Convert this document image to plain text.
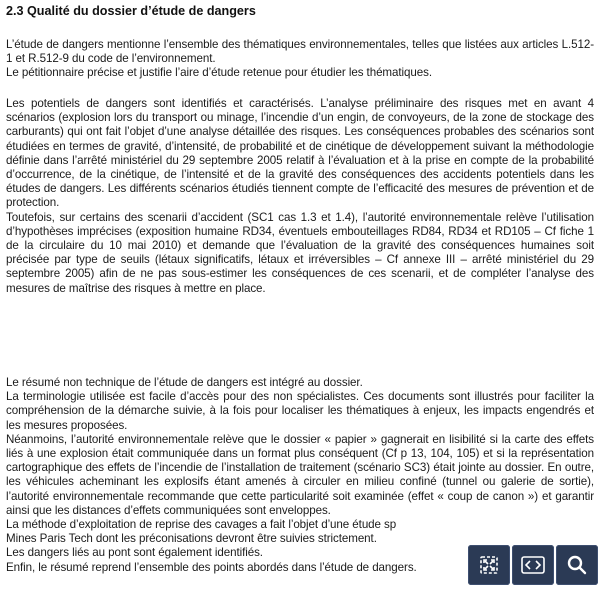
2.3 Qualité du dossier d’étude de dangers

L’étude de dangers mentionne l’ensemble des thématiques environnementales, telles que listées aux articles L.512-1 et R.512-9 du code de l’environnement.

Le pétitionnaire précise et justifie l’aire d’étude retenue pour étudier les thématiques.

Les potentiels de dangers sont identifiés et caractérisés. L’analyse préliminaire des risques met en avant 4 scénarios (explosion lors du transport ou minage, l’incendie d’un engin, de convoyeurs, de la zone de stockage des carburants) qui ont fait l’objet d’une analyse détaillée des risques. Les conséquences probables des scénarios sont étudiées en termes de gravité, d’intensité, de probabilité et de cinétique de développement suivant la méthodologie définie dans l’arrêté ministériel du 29 septembre 2005 relatif à l’évaluation et à la prise en compte de la probabilité d’occurrence, de la cinétique, de l’intensité et de la gravité des conséquences des accidents potentiels dans les études de dangers. Les différents scénarios étudiés tiennent compte de l’efficacité des mesures de prévention et de protection.

Toutefois, sur certains des scenarii d’accident (SC1 cas 1.3 et 1.4), l’autorité environnementale relève l’utilisation d’hypothèses imprécises (exposition humaine RD34, éventuels embouteillages RD84, RD34 et RD105 – Cf fiche 1 de la circulaire du 10 mai 2010) et demande que l’évaluation de la gravité des conséquences humaines soit précisée par type de seuils (létaux significatifs, létaux et irréversibles – Cf annexe III – arrêté ministériel du 29 septembre 2005) afin de ne pas sous-estimer les conséquences de ces scenarii, et de compléter l’analyse des mesures de maîtrise des risques à mettre en place.

Le résumé non technique de l’étude de dangers est intégré au dossier.

La terminologie utilisée est facile d’accès pour des non spécialistes. Ces documents sont illustrés pour faciliter la compréhension de la démarche suivie, à la fois pour localiser les thématiques à enjeux, les impacts engendrés et les mesures proposées.

Néanmoins, l’autorité environnementale relève que le dossier « papier » gagnerait en lisibilité si la carte des effets liés à une explosion était communiquée dans un format plus conséquent (Cf p 13, 104, 105) et si la représentation cartographique des effets de l’incendie de l’installation de traitement (scénario SC3) était jointe au dossier. En outre, les véhicules acheminant les explosifs étant amenés à circuler en milieu confiné (tunnel ou galerie de sortie), l’autorité environnementale recommande que cette particularité soit examinée (effet « coup de canon ») et garantir ainsi que les distances d’effets communiquées sont enveloppes.

La méthode d’exploitation de reprise des cavages a fait l’objet d’une étude sp

Mines Paris Tech dont les préconisations devront être suivies strictement.

Les dangers liés au pont sont également identifiés.

Enfin, le résumé reprend l’ensemble des points abordés dans l’étude de dangers.
